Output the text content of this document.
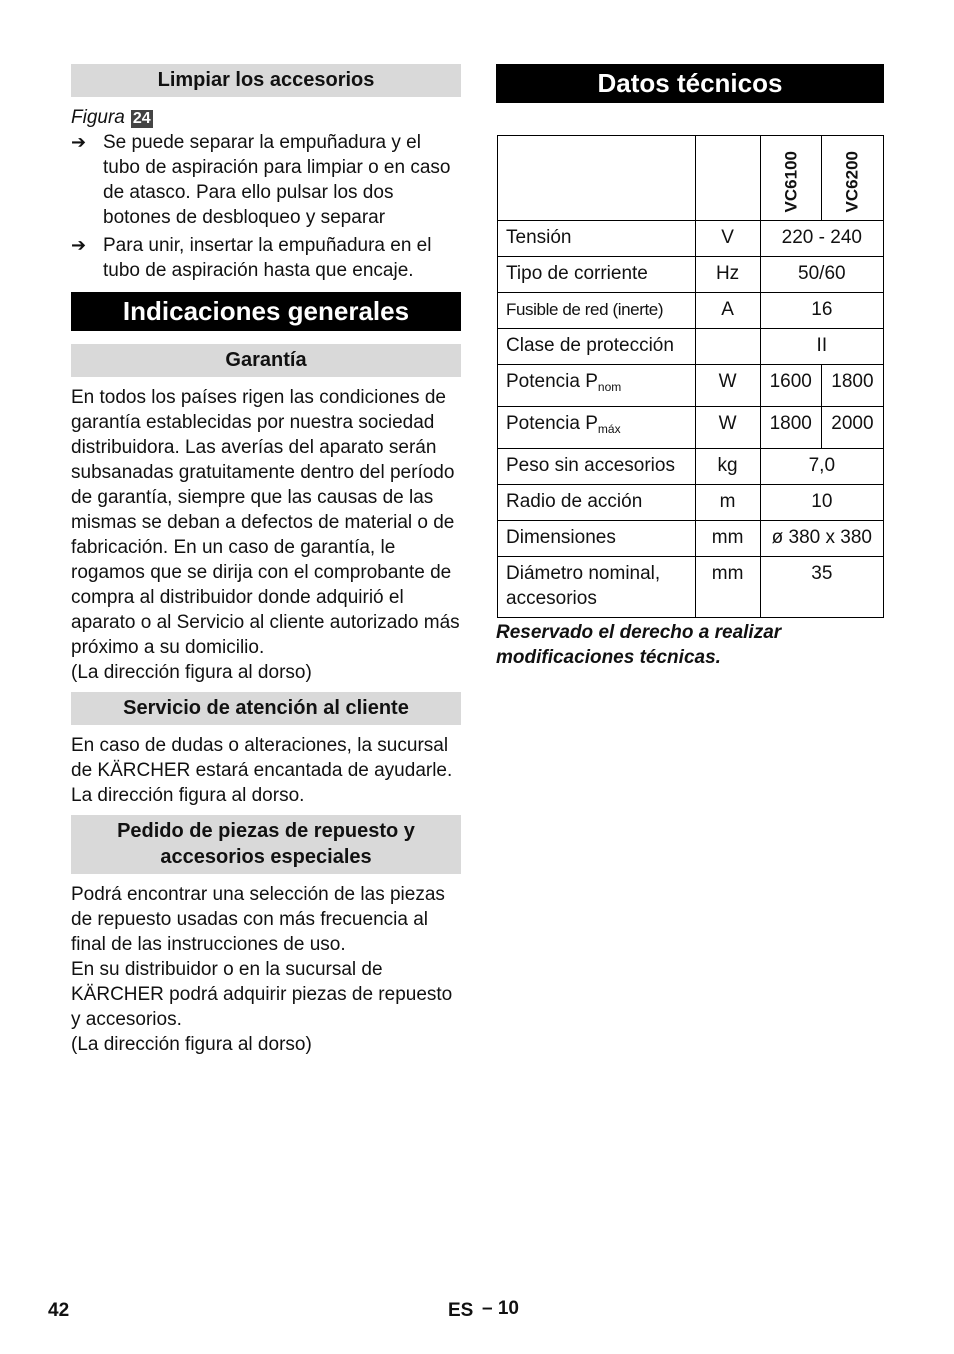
Limpiar los accesorios

Figura 24

➔ Se puede separar la empuñadura y el tubo de aspiración para limpiar o en caso de atasco. Para ello pulsar los dos botones de desbloqueo y separar
➔ Para unir, insertar la empuñadura en el tubo de aspiración hasta que encaje.
Indicaciones generales
Garantía

En todos los países rigen las condiciones de garantía establecidas por nuestra sociedad distribuidora. Las averías del aparato serán subsanadas gratuitamente dentro del período de garantía, siempre que las causas de las mismas se deban a defectos de material o de fabricación. En un caso de garantía, le rogamos que se dirija con el comprobante de compra al distribuidor donde adquirió el aparato o al Servicio al cliente autorizado más próximo a su domicilio.

(La dirección figura al dorso)

Servicio de atención al cliente

En caso de dudas o alteraciones, la sucursal de KÄRCHER estará encantada de ayudarle. La dirección figura al dorso.

Pedido de piezas de repuesto y accesorios especiales

Podrá encontrar una selección de las piezas de repuesto usadas con más frecuencia al final de las instrucciones de uso.

En su distribuidor o en la sucursal de KÄRCHER podrá adquirir piezas de repuesto y accesorios.

(La dirección figura al dorso)

Datos técnicos

		VC6100	VC6200

Tensión	V	220 - 240	
Tipo de corriente	Hz	50/60	
Fusible de red (inerte)	A	16	
Clase de protección		II	
Potencia $P_{nom}$	W	1600	1800
Potencia $P_{máx}$	W	1800	2000
Peso sin accesorios	kg	7,0	
Radio de acción	m	10	
Dimensiones	mm	ø 380 x 380	
Diámetro nominal, accesorios	mm	35	

Reservado el derecho a realizar modificaciones técnicas.

42	ES – 10
